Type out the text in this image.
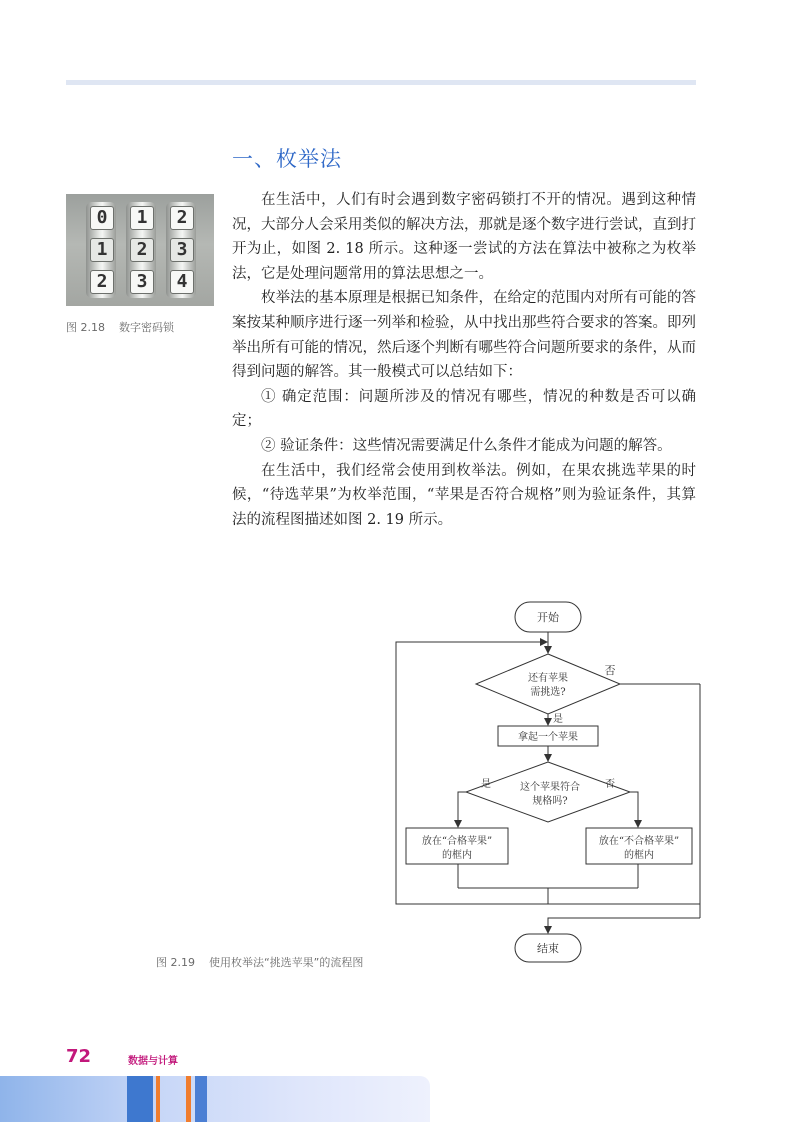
一、枚举法
0
1
2
1
2
3
2
3
4
图 2.18    数字密码锁

在生活中，人们有时会遇到数字密码锁打不开的情况。遇到这种情况，大部分人会采用类似的解决方法，那就是逐个数字进行尝试，直到打开为止，如图 2. 18 所示。这种逐一尝试的方法在算法中被称之为枚举法，它是处理问题常用的算法思想之一。

枚举法的基本原理是根据已知条件，在给定的范围内对所有可能的答案按某种顺序进行逐一列举和检验，从中找出那些符合要求的答案。即列举出所有可能的情况，然后逐个判断有哪些符合问题所要求的条件，从而得到问题的解答。其一般模式可以总结如下：

① 确定范围：问题所涉及的情况有哪些，情况的种数是否可以确定；

② 验证条件：这些情况需要满足什么条件才能成为问题的解答。

在生活中，我们经常会使用到枚举法。例如，在果农挑选苹果的时候，“待选苹果”为枚举范围，“苹果是否符合规格”则为验证条件，其算法的流程图描述如图 2. 19 所示。

开始
还有苹果
需挑选?
否
是
拿起一个苹果
这个苹果符合
规格吗?
是	否
放在“合格苹果”
的框内
放在“不合格苹果”
的框内
结束
图 2.19    使用枚举法“挑选苹果”的流程图
72	数据与计算
